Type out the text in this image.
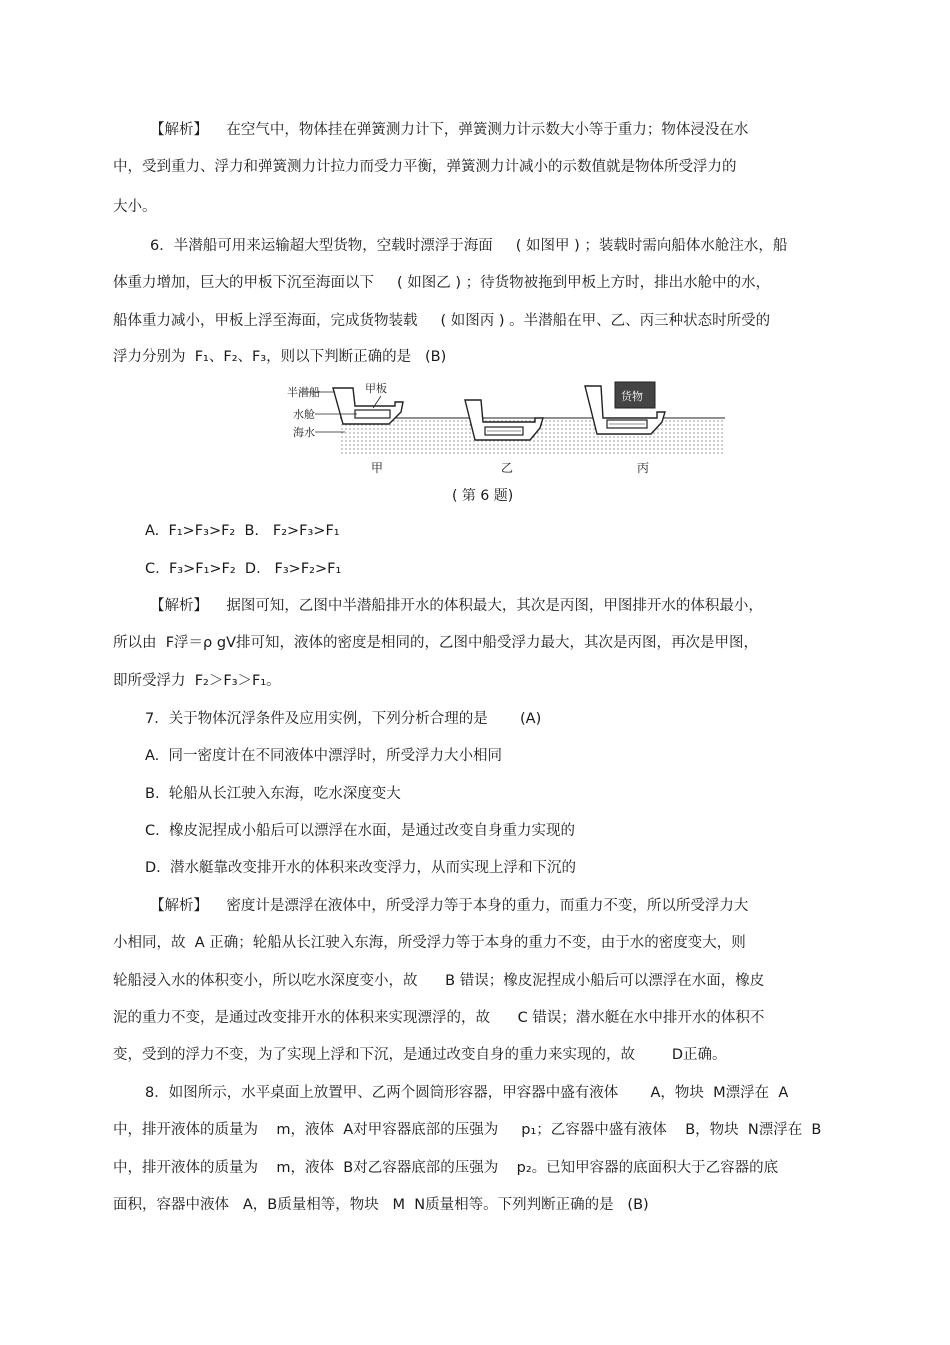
【解析】    在空气中，物体挂在弹簧测力计下，弹簧测力计示数大小等于重力；物体浸没在水
中，受到重力、浮力和弹簧测力计拉力而受力平衡，弹簧测力计减小的示数值就是物体所受浮力的
大小。
6．半潜船可用来运输超大型货物，空载时漂浮于海面     ( 如图甲 ) ；装载时需向船体水舱注水，船
体重力增加，巨大的甲板下沉至海面以下     ( 如图乙 ) ；待货物被拖到甲板上方时，排出水舱中的水，
船体重力减小，甲板上浮至海面，完成货物装载     ( 如图丙 ) 。半潜船在甲、乙、丙三种状态时所受的
浮力分别为  F₁、F₂、F₃，则以下判断正确的是   (B)
半潜船	甲板
水舱
海水
货物
甲	乙	丙
( 第 6 题)
A.  F₁>F₃>F₂  B.   F₂>F₃>F₁
C.  F₃>F₁>F₂  D.   F₃>F₂>F₁
【解析】    据图可知，乙图中半潜船排开水的体积最大，其次是丙图，甲图排开水的体积最小，
所以由  F浮＝ρ gV排可知，液体的密度是相同的，乙图中船受浮力最大，其次是丙图，再次是甲图，
即所受浮力  F₂＞F₃＞F₁。
7．关于物体沉浮条件及应用实例，下列分析合理的是       (A)
A.  同一密度计在不同液体中漂浮时，所受浮力大小相同
B.  轮船从长江驶入东海，吃水深度变大
C.  橡皮泥捏成小船后可以漂浮在水面，是通过改变自身重力实现的
D.  潜水艇靠改变排开水的体积来改变浮力，从而实现上浮和下沉的
【解析】    密度计是漂浮在液体中，所受浮力等于本身的重力，而重力不变，所以所受浮力大
小相同，故  A 正确；轮船从长江驶入东海，所受浮力等于本身的重力不变，由于水的密度变大，则
轮船浸入水的体积变小，所以吃水深度变小，故      B 错误；橡皮泥捏成小船后可以漂浮在水面，橡皮
泥的重力不变，是通过改变排开水的体积来实现漂浮的，故      C 错误；潜水艇在水中排开水的体积不
变，受到的浮力不变，为了实现上浮和下沉，是通过改变自身的重力来实现的，故        D正确。
8．如图所示，水平桌面上放置甲、乙两个圆筒形容器，甲容器中盛有液体       A，物块  M漂浮在  A
中，排开液体的质量为    m，液体  A对甲容器底部的压强为     p₁；乙容器中盛有液体    B，物块  N漂浮在  B
中，排开液体的质量为    m，液体  B对乙容器底部的压强为    p₂。已知甲容器的底面积大于乙容器的底
面积，容器中液体   A，B质量相等，物块   M  N质量相等。下列判断正确的是   (B)
